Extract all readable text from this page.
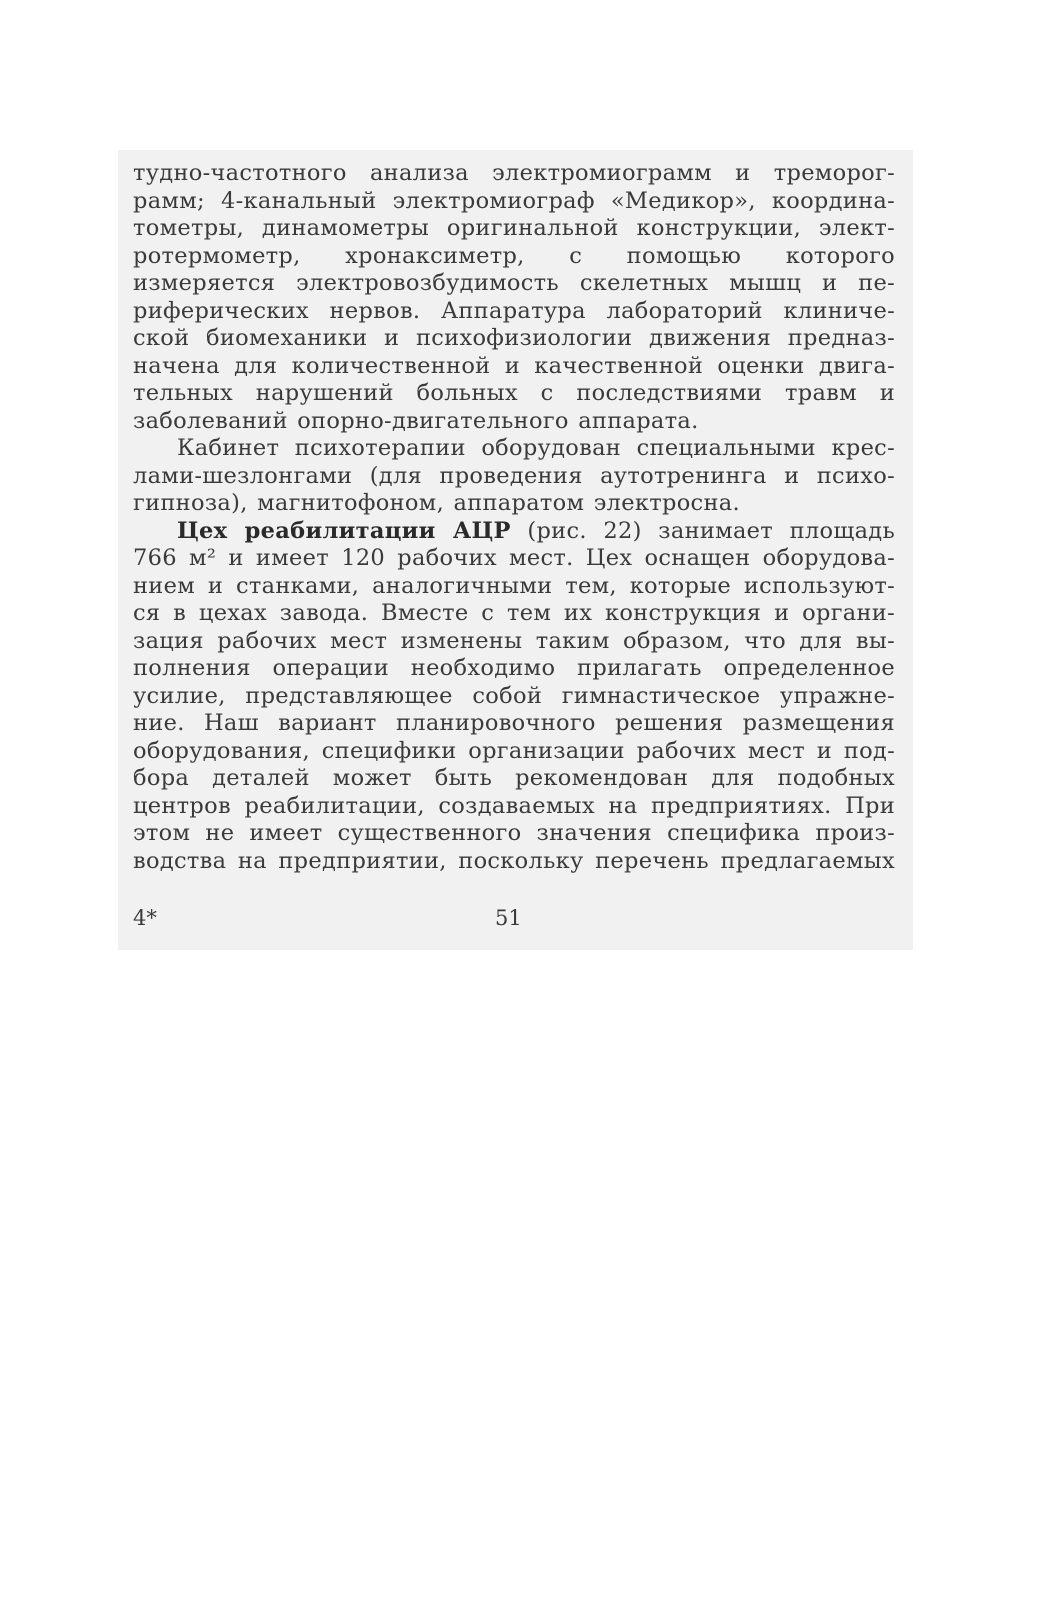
тудно-частотного анализа электромиограмм и треморог-
рамм; 4-канальный электромиограф «Медикор», координа-
тометры, динамометры оригинальной конструкции, элект-
ротермометр, хронаксиметр, с помощью которого
измеряется электровозбудимость скелетных мышц и пе-
риферических нервов. Аппаратура лабораторий клиниче-
ской биомеханики и психофизиологии движения предназ-
начена для количественной и качественной оценки двига-
тельных нарушений больных с последствиями травм и
заболеваний опорно-двигательного аппарата.
Кабинет психотерапии оборудован специальными крес-
лами-шезлонгами (для проведения аутотренинга и психо-
гипноза), магнитофоном, аппаратом электросна.
Цех реабилитации АЦР (рис. 22) занимает площадь
766 м² и имеет 120 рабочих мест. Цех оснащен оборудова-
нием и станками, аналогичными тем, которые используют-
ся в цехах завода. Вместе с тем их конструкция и органи-
зация рабочих мест изменены таким образом, что для вы-
полнения операции необходимо прилагать определенное
усилие, представляющее собой гимнастическое упражне-
ние. Наш вариант планировочного решения размещения
оборудования, специфики организации рабочих мест и под-
бора деталей может быть рекомендован для подобных
центров реабилитации, создаваемых на предприятиях. При
этом не имеет существенного значения специфика произ-
водства на предприятии, поскольку перечень предлагаемых
4*	51
